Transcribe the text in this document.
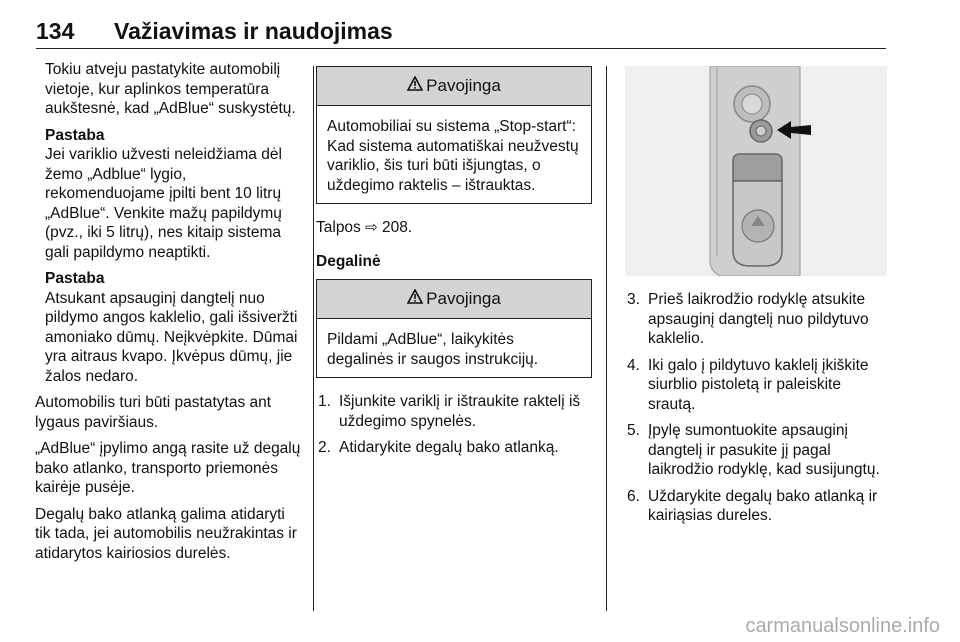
134 Važiavimas ir naudojimas

Tokiu atveju pastatykite automobilį vietoje, kur aplinkos temperatūra aukštesnė, kad „AdBlue“ suskystėtų.

Pastaba

Jei variklio užvesti neleidžiama dėl žemo „Adblue“ lygio, rekomenduojame įpilti bent 10 litrų „AdBlue“. Venkite mažų papildymų (pvz., iki 5 litrų), nes kitaip sistema gali papildymo neaptikti.

Pastaba

Atsukant apsauginį dangtelį nuo pildymo angos kaklelio, gali išsiveržti amoniako dūmų. Neįkvėpkite. Dūmai yra aitraus kvapo. Įkvėpus dūmų, jie žalos nedaro.

Automobilis turi būti pastatytas ant lygaus paviršiaus.

„AdBlue“ įpylimo angą rasite už degalų bako atlanko, transporto priemonės kairėje pusėje.

Degalų bako atlanką galima atidaryti tik tada, jei automobilis neužrakintas ir atidarytos kairiosios durelės.

Pavojinga
Automobiliai su sistema „Stop-start“: Kad sistema automatiškai neužvestų variklio, šis turi būti išjungtas, o uždegimo raktelis – ištrauktas.

Talpos ⇨ 208.

Degalinė
Pavojinga
Pildami „AdBlue“, laikykitės degalinės ir saugos instrukcijų.
1. Išjunkite variklį ir ištraukite raktelį iš uždegimo spynelės.
2. Atidarykite degalų bako atlanką.
3. Prieš laikrodžio rodyklę atsukite apsauginį dangtelį nuo pildytuvo kaklelio.
4. Iki galo į pildytuvo kaklelį įkiškite siurblio pistoletą ir paleiskite srautą.
5. Įpylę sumontuokite apsauginį dangtelį ir pasukite jį pagal laikrodžio rodyklę, kad susijungtų.
6. Uždarykite degalų bako atlanką ir kairiąsias dureles.
carmanualsonline.info
